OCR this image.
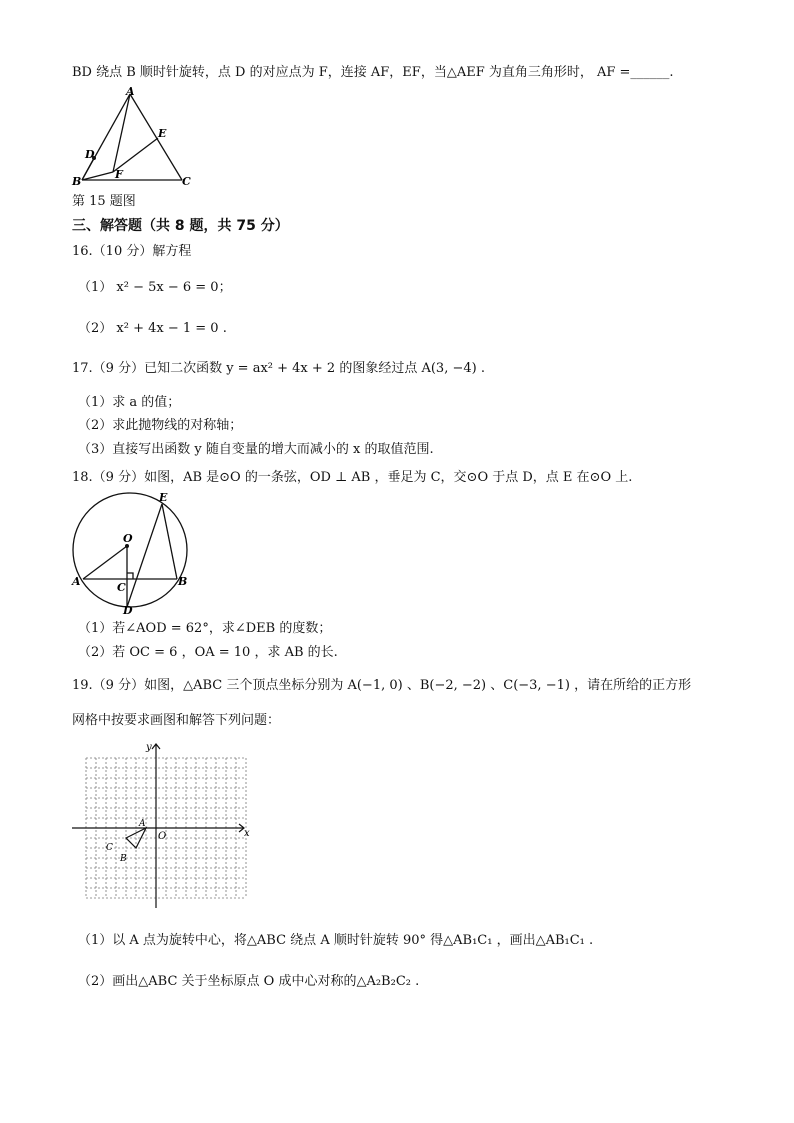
BD 绕点 B 顺时针旋转，点 D 的对应点为 F，连接 AF，EF，当△AEF 为直角三角形时， AF =______.
A
B	C
D
E
F
第 15 题图
三、解答题（共 8 题，共 75 分）
16.（10 分）解方程
（1） x² − 5x − 6 = 0；
（2） x² + 4x − 1 = 0 .
17.（9 分）已知二次函数 y = ax² + 4x + 2 的图象经过点 A(3, −4) .
（1）求 a 的值；
（2）求此抛物线的对称轴；
（3）直接写出函数 y 随自变量的增大而减小的 x 的取值范围.
18.（9 分）如图，AB 是⊙O 的一条弦，OD ⊥ AB ，垂足为 C，交⊙O 于点 D，点 E 在⊙O 上.
O
A	B
C
D
E
（1）若∠AOD = 62°，求∠DEB 的度数；
（2）若 OC = 6 ，OA = 10 ，求 AB 的长.
19.（9 分）如图，△ABC 三个顶点坐标分别为 A(−1, 0) 、B(−2, −2) 、C(−3, −1) ，请在所给的正方形
网格中按要求画图和解答下列问题：
x
y
O
A
B
C
（1）以 A 点为旋转中心，将△ABC 绕点 A 顺时针旋转 90° 得△AB₁C₁ ，画出△AB₁C₁ .
（2）画出△ABC 关于坐标原点 O 成中心对称的△A₂B₂C₂ .
